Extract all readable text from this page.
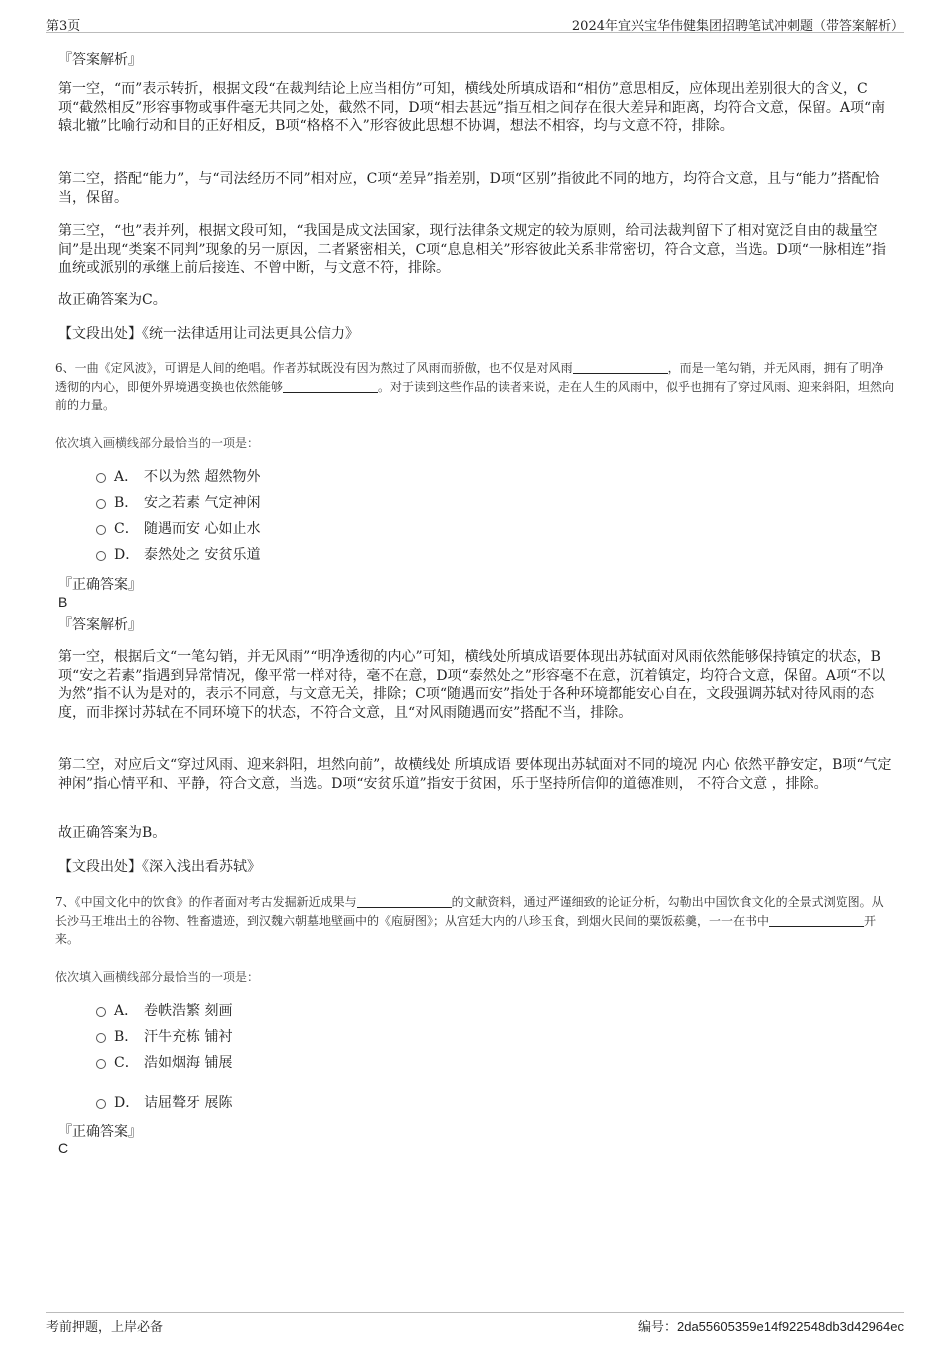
第3页	2024年宜兴宝华伟健集团招聘笔试冲刺题（带答案解析）
『答案解析』
第一空，“而”表示转折，根据文段“在裁判结论上应当相仿”可知，横线处所填成语和“相仿”意思相反，应体现出差别很大的含义，C项“截然相反”形容事物或事件毫无共同之处，截然不同，D项“相去甚远”指互相之间存在很大差异和距离，均符合文意，保留。A项“南辕北辙”比喻行动和目的正好相反，B项“格格不入”形容彼此思想不协调，想法不相容，均与文意不符，排除。
第二空，搭配“能力”，与“司法经历不同”相对应，C项“差异”指差别，D项“区别”指彼此不同的地方，均符合文意，且与“能力”搭配恰当，保留。
第三空，“也”表并列，根据文段可知，“我国是成文法国家，现行法律条文规定的较为原则，给司法裁判留下了相对宽泛自由的裁量空间”是出现“类案不同判”现象的另一原因，二者紧密相关，C项“息息相关”形容彼此关系非常密切，符合文意，当选。D项“一脉相连”指血统或派别的承继上前后接连、不曾中断，与文意不符，排除。
故正确答案为C。
【文段出处】《统一法律适用让司法更具公信力》
6、一曲《定风波》，可谓是人间的绝唱。作者苏轼既没有因为熬过了风雨而骄傲，也不仅是对风雨	，而是一笔勾销，并无风雨，拥有了明净透彻的内心，即便外界境遇变换也依然能够	。对于读到这些作品的读者来说，走在人生的风雨中，似乎也拥有了穿过风雨、迎来斜阳，坦然向前的力量。
依次填入画横线部分最恰当的一项是：
A． 不以为然 超然物外
B． 安之若素 气定神闲
C． 随遇而安 心如止水
D． 泰然处之 安贫乐道
『正确答案』
B
『答案解析』
第一空，根据后文“一笔勾销，并无风雨”“明净透彻的内心”可知，横线处所填成语要体现出苏轼面对风雨依然能够保持镇定的状态，B项“安之若素”指遇到异常情况，像平常一样对待，毫不在意，D项“泰然处之”形容毫不在意，沉着镇定，均符合文意，保留。A项“不以为然”指不认为是对的，表示不同意，与文意无关，排除；C项“随遇而安”指处于各种环境都能安心自在，文段强调苏轼对待风雨的态度，而非探讨苏轼在不同环境下的状态，不符合文意，且“对风雨随遇而安”搭配不当，排除。
第二空，对应后文“穿过风雨、迎来斜阳，坦然向前”，故横线处 所填成语 要体现出苏轼面对不同的境况 内心 依然平静安定，B项“气定神闲”指心情平和、平静，符合文意，当选。D项“安贫乐道”指安于贫困，乐于坚持所信仰的道德准则， 不符合文意 ，排除。
故正确答案为B。
【文段出处】《深入浅出看苏轼》
7、《中国文化中的饮食》的作者面对考古发掘新近成果与	的文献资料，通过严谨细致的论证分析，勾勒出中国饮食文化的全景式浏览图。从长沙马王堆出土的谷物、牲畜遗迹，到汉魏六朝墓地壁画中的《庖厨图》；从宫廷大内的八珍玉食，到烟火民间的粟饭菘羹，一一在书中	开来。
依次填入画横线部分最恰当的一项是：
A． 卷帙浩繁 刻画
B． 汗牛充栋 铺衬
C． 浩如烟海 铺展
D． 诘屈聱牙 展陈
『正确答案』
C
考前押题，上岸必备	编号：2da55605359e14f922548db3d42964ec
